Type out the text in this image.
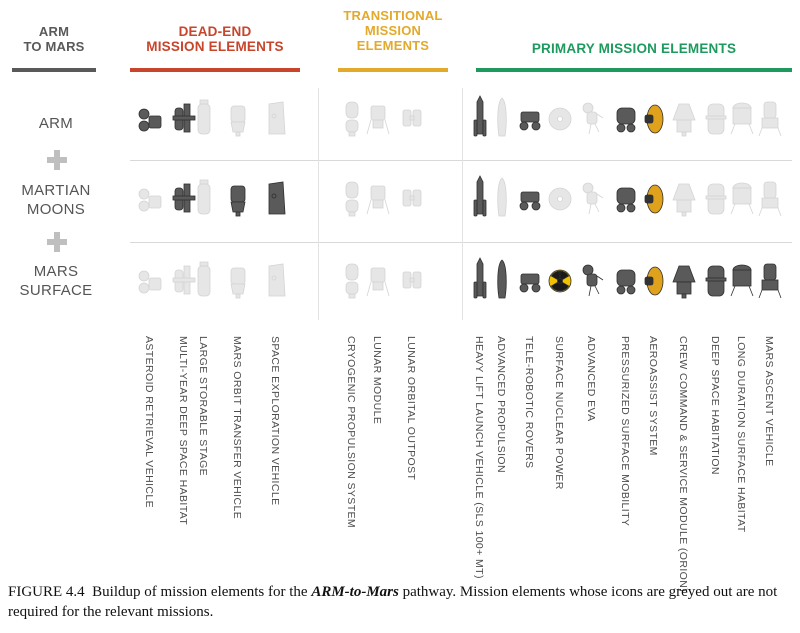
ARM
TO MARS
DEAD-END
MISSION ELEMENTS
TRANSITIONAL
MISSION
ELEMENTS	PRIMARY MISSION ELEMENTS
ARM
MARTIAN
MOONS
MARS
SURFACE
ASTEROID RETRIEVAL VEHICLE MULTI-YEAR DEEP SPACE HABITAT LARGE STORABLE STAGE MARS ORBIT TRANSFER VEHICLE SPACE EXPLORATION VEHICLE	CRYOGENIC PROPULSION SYSTEM LUNAR MODULE LUNAR ORBITAL OUTPOST	HEAVY LIFT LAUNCH VEHICLE (SLS 100+ MT) ADVANCED PROPULSION TELE-ROBOTIC ROVERS SURFACE NUCLEAR POWER ADVANCED EVA PRESSURIZED SURFACE MOBILITY AEROASSIST SYSTEM CREW COMMAND & SERVICE MODULE (ORION) DEEP SPACE HABITATION LONG DURATION SURFACE HABITAT MARS ASCENT VEHICLE
FIGURE 4.4 Buildup of mission elements for the ARM-to-Mars pathway. Mission elements whose icons are greyed out are not required for the relevant missions.
